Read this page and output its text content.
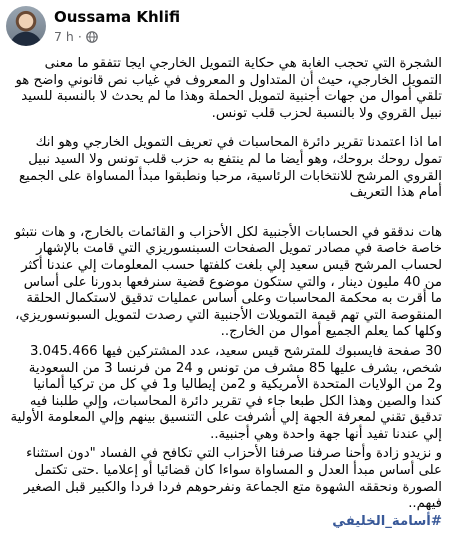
Oussama Khlifi
7 h ·

الشجرة التي تحجب الغابة هي حكاية التمويل الخارجي ايجا تتفقو ما معنى التمويل الخارجي، حيث أن المتداول و المعروف في غياب نص قانوني واضح هو تلقي أموال من جهات أجنبية لتمويل الحملة وهذا ما لم يحدث لا بالنسبة للسيد نبيل القروي ولا بالنسبة لحزب قلب تونس.

اما اذا اعتمدنا تقرير دائرة المحاسبات في تعريف التمويل الخارجي وهو انك تمول روحك بروحك، وهو أيضا ما لم ينتفع به حزب قلب تونس ولا السيد نبيل القروي المرشح للانتخابات الرئاسية، مرحبا ونطبقوا مبدأ المساواة على الجميع أمام هذا التعريف

هات ندققو في الحسابات الأجنبية لكل الأحزاب و القائمات بالخارج، و هات نتبثو خاصة خاصة في مصادر تمويل الصفحات السبنسوريزي التي قامت بالإشهار لحساب المرشح قيس سعيد إلي بلغت كلفتها حسب المعلومات إلي عندنا أكثر من 40 مليون دينار ، والتي ستكون موضوع قضية سنرفعها بدورنا على أساس ما أقرت به محكمة المحاسبات وعلى أساس عمليات تدقيق لاستكمال الحلقة المنقوصة التي تهم قيمة التمويلات الأجنبية التي رصدت لتمويل السبونسوريزي، وكلها كما يعلم الجميع أموال من الخارج..

30 صفحة فايسبوك للمترشح قيس سعيد، عدد المشتركين فيها 3.045.466 شخص، يشرف عليها 85 مشرف من تونس و 24 من فرنسا 3 من السعودية و2 من الولايات المتحدة الأمريكية و 2من إيطاليا و1 في كل من تركيا ألمانيا كندا والصين وهذا الكل طبعا جاء في تقرير دائرة المحاسبات، وإلي طلبنا فيه تدقيق تقني لمعرفة الجهة إلي أشرفت على التنسيق بينهم وإلي المعلومة الأولية إلي عندنا تفيد أنها جهة واحدة وهي أجنبية..

و نزيدو زادة وأحنا صرفنا صرفنا الأحزاب التي تكافح في الفساد "دون استثناء على أساس مبدأ العدل و المساواة سواءا كان قضائيا أو إعلاميا .حتى تكتمل الصورة ونحققه الشهوة متع الجماعة ونفرحوهم فردا فردا والكبير قبل الصغير فيهم..

#أسامة_الخليفي
